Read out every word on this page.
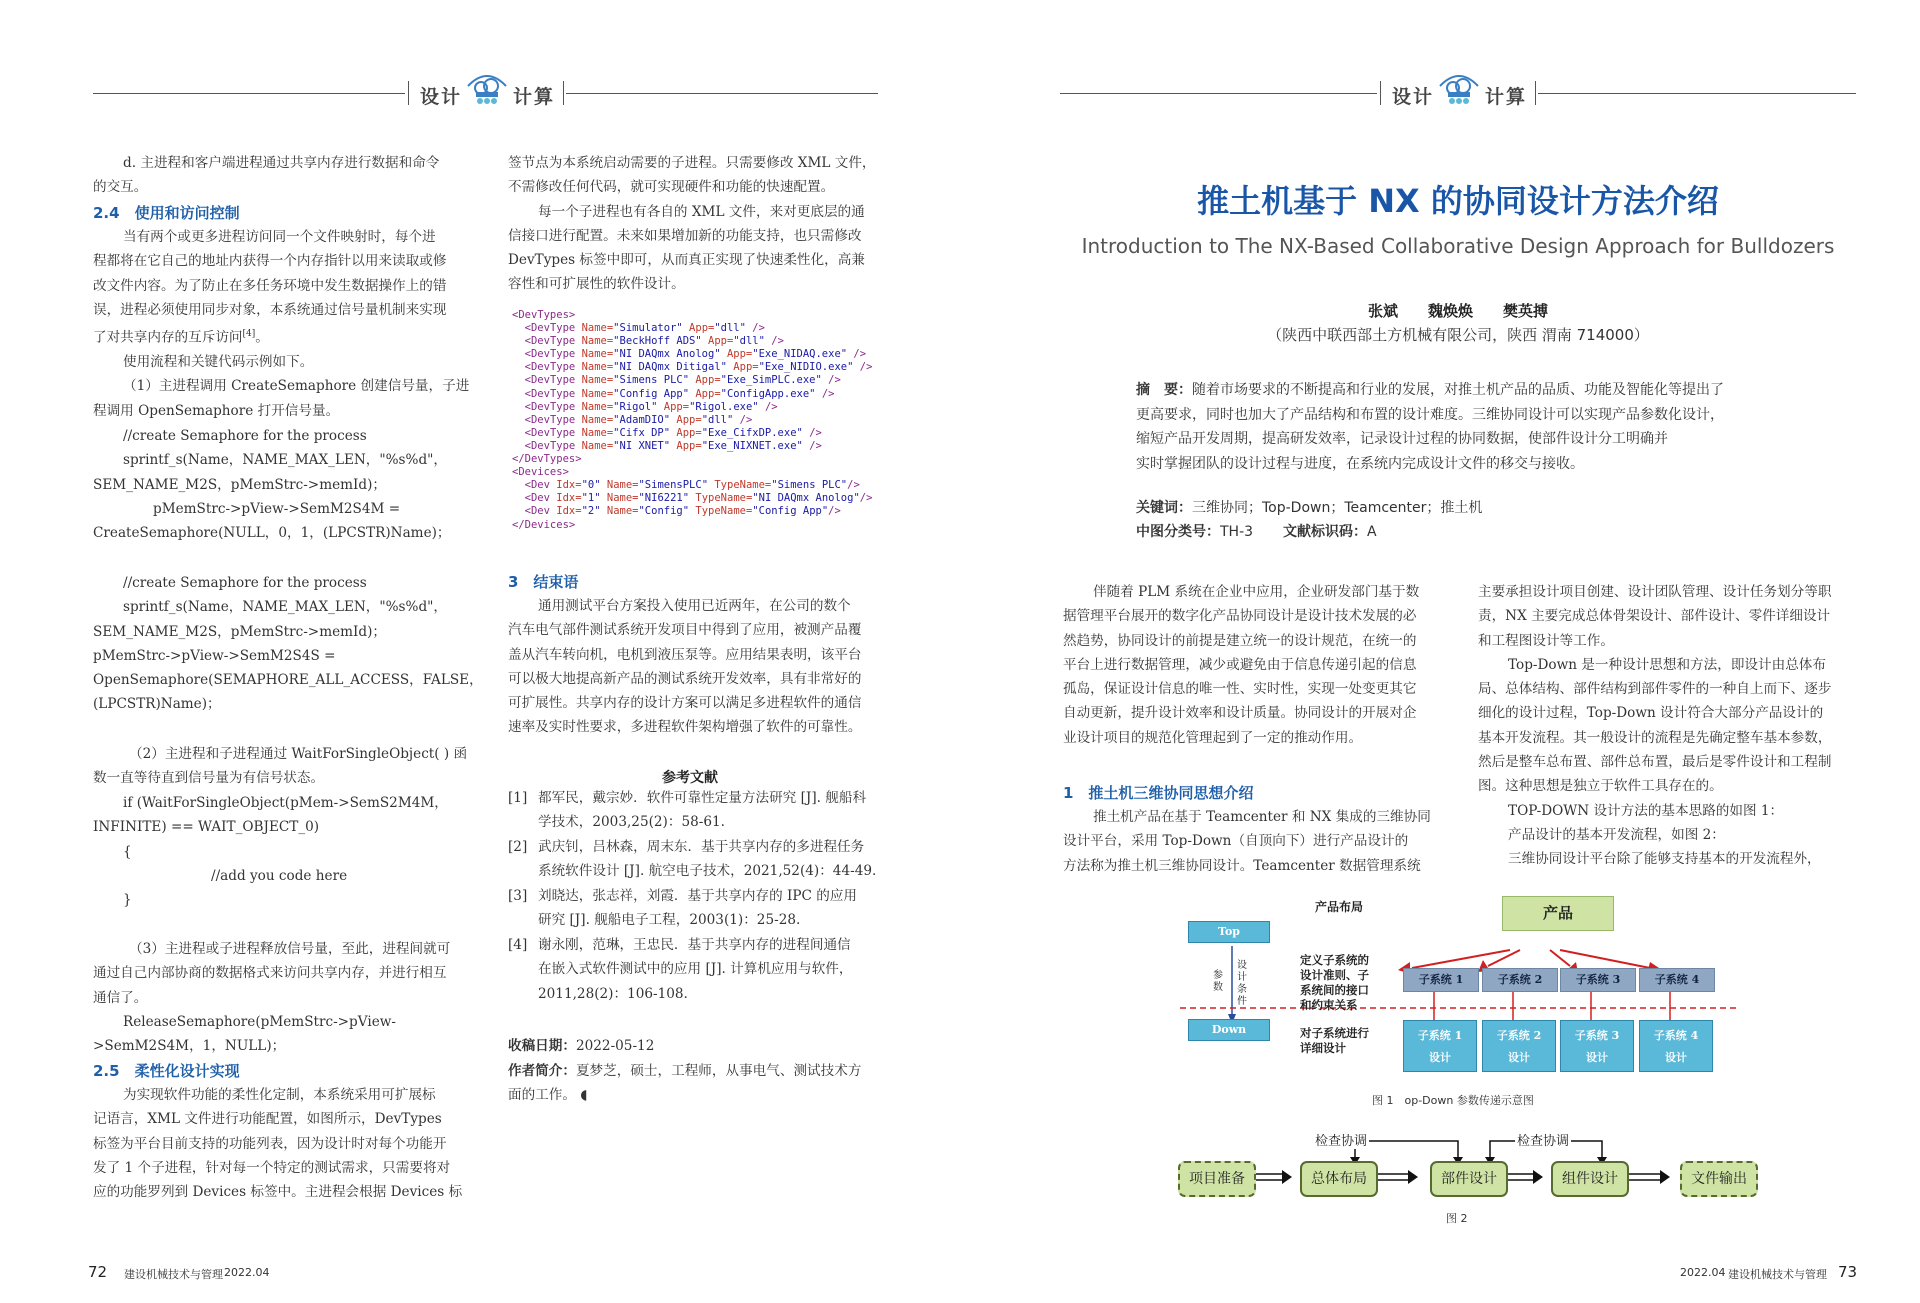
设计	计算	设计	计算
d. 主进程和客户端进程通过共享内存进行数据和命令
的交互。
2.4　使用和访问控制
当有两个或更多进程访问同一个文件映射时，每个进
程都将在它自己的地址内获得一个内存指针以用来读取或修
改文件内容。为了防止在多任务环境中发生数据操作上的错
误，进程必须使用同步对象，本系统通过信号量机制来实现
了对共享内存的互斥访问[4]。
使用流程和关键代码示例如下。
（1）主进程调用 CreateSemaphore 创建信号量，子进
程调用 OpenSemaphore 打开信号量。
//create Semaphore for the process
sprintf_s(Name，NAME_MAX_LEN，"%s%d"，
SEM_NAME_M2S，pMemStrc->memId)；
pMemStrc->pView->SemM2S4M =
CreateSemaphore(NULL，0，1，(LPCSTR)Name)；
//create Semaphore for the process
sprintf_s(Name，NAME_MAX_LEN，"%s%d"，
SEM_NAME_M2S，pMemStrc->memId)；
pMemStrc->pView->SemM2S4S =
OpenSemaphore(SEMAPHORE_ALL_ACCESS，FALSE，
(LPCSTR)Name)；
（2）主进程和子进程通过 WaitForSingleObject( ) 函
数一直等待直到信号量为有信号状态。
if (WaitForSingleObject(pMem->SemS2M4M，
INFINITE) == WAIT_OBJECT_0)
{
//add you code here
}
（3）主进程或子进程释放信号量，至此，进程间就可
通过自己内部协商的数据格式来访问共享内存，并进行相互
通信了。
ReleaseSemaphore(pMemStrc->pView-
>SemM2S4M，1，NULL)；
2.5　柔性化设计实现
为实现软件功能的柔性化定制，本系统采用可扩展标
记语言，XML 文件进行功能配置，如图所示，DevTypes
标签为平台目前支持的功能列表，因为设计时对每个功能开
发了 1 个子进程，针对每一个特定的测试需求，只需要将对
应的功能罗列到 Devices 标签中。主进程会根据 Devices 标
签节点为本系统启动需要的子进程。只需要修改 XML 文件，
不需修改任何代码，就可实现硬件和功能的快速配置。
每一个子进程也有各自的 XML 文件，来对更底层的通
信接口进行配置。未来如果增加新的功能支持，也只需修改
DevTypes 标签中即可，从而真正实现了快速柔性化，高兼
容性和可扩展性的软件设计。
<DevTypes>
<DevType Name="Simulator" App="dll" />
<DevType Name="BeckHoff ADS" App="dll" />
<DevType Name="NI DAQmx Anolog" App="Exe_NIDAQ.exe" />
<DevType Name="NI DAQmx Ditigal" App="Exe_NIDIO.exe" />
<DevType Name="Simens PLC" App="Exe_SimPLC.exe" />
<DevType Name="Config App" App="ConfigApp.exe" />
<DevType Name="Rigol" App="Rigol.exe" />
<DevType Name="AdamDIO" App="dll" />
<DevType Name="Cifx DP" App="Exe_CifxDP.exe" />
<DevType Name="NI XNET" App="Exe_NIXNET.exe" />
</DevTypes>
<Devices>
<Dev Idx="0" Name="SimensPLC" TypeName="Simens PLC"/>
<Dev Idx="1" Name="NI6221" TypeName="NI DAQmx Anolog"/>
<Dev Idx="2" Name="Config" TypeName="Config App"/>
</Devices>
3　结束语
通用测试平台方案投入使用已近两年，在公司的数个
汽车电气部件测试系统开发项目中得到了应用，被测产品覆
盖从汽车转向机，电机到液压泵等。应用结果表明，该平台
可以极大地提高新产品的测试系统开发效率，具有非常好的
可扩展性。共享内存的设计方案可以满足多进程软件的通信
速率及实时性要求，多进程软件架构增强了软件的可靠性。
参考文献
[1] 都军民，戴宗妙．软件可靠性定量方法研究 [J]. 舰船科
学技术，2003,25(2)：58-61.
[2] 武庆钊，吕林森，周末东．基于共享内存的多进程任务
系统软件设计 [J]. 航空电子技术，2021,52(4)：44-49.
[3] 刘晓达，张志祥，刘霞．基于共享内存的 IPC 的应用
研究 [J]. 舰船电子工程，2003(1)：25-28.
[4] 谢永刚，范琳，王忠民．基于共享内存的进程间通信
在嵌入式软件测试中的应用 [J]. 计算机应用与软件，
2011,28(2)：106-108.
收稿日期：2022-05-12
作者简介：夏梦芝，硕士，工程师，从事电气、测试技术方
面的工作。 ◖
72 建设机械技术与管理 2022.04
推土机基于 NX 的协同设计方法介绍
Introduction to The NX-Based Collaborative Design Approach for Bulldozers
张斌 魏焕焕 樊英搏
（陕西中联西部土方机械有限公司，陕西 渭南 714000）
摘　要：随着市场要求的不断提高和行业的发展，对推土机产品的品质、功能及智能化等提出了
更高要求，同时也加大了产品结构和布置的设计难度。三维协同设计可以实现产品参数化设计，
缩短产品开发周期，提高研发效率，记录设计过程的协同数据，使部件设计分工明确并
实时掌握团队的设计过程与进度，在系统内完成设计文件的移交与接收。
关键词：三维协同；Top-Down；Teamcenter；推土机
中图分类号：TH-3 文献标识码：A
伴随着 PLM 系统在企业中应用，企业研发部门基于数
据管理平台展开的数字化产品协同设计是设计技术发展的必
然趋势，协同设计的前提是建立统一的设计规范，在统一的
平台上进行数据管理，减少或避免由于信息传递引起的信息
孤岛，保证设计信息的唯一性、实时性，实现一处变更其它
自动更新，提升设计效率和设计质量。协同设计的开展对企
业设计项目的规范化管理起到了一定的推动作用。
1　推土机三维协同思想介绍
推土机产品在基于 Teamcenter 和 NX 集成的三维协同
设计平台，采用 Top-Down（自顶向下）进行产品设计的
方法称为推土机三维协同设计。Teamcenter 数据管理系统
主要承担设计项目创建、设计团队管理、设计任务划分等职
责，NX 主要完成总体骨架设计、部件设计、零件详细设计
和工程图设计等工作。
Top-Down 是一种设计思想和方法，即设计由总体布
局、总体结构、部件结构到部件零件的一种自上而下、逐步
细化的设计过程，Top-Down 设计符合大部分产品设计的
基本开发流程。其一般设计的流程是先确定整车基本参数，
然后是整车总布置、部件总布置，最后是零件设计和工程制
图。这种思想是独立于软件工具存在的。
TOP-DOWN 设计方法的基本思路的如图 1：
产品设计的基本开发流程，如图 2：
三维协同设计平台除了能够支持基本的开发流程外，
产品布局
Top
参数
设计条件
Down
定义子系统的
设计准则、子
系统间的接口
和约束关系
对子系统进行
详细设计
产品
子系统 1	子系统 2	子系统 3	子系统 4
子系统 1
设计
子系统 2
设计
子系统 3
设计
子系统 4
设计
图 1　op-Down 参数传递示意图
检查协调	检查协调
项目准备	总体布局	部件设计	组件设计	文件输出
图 2
2022.04 建设机械技术与管理 73
